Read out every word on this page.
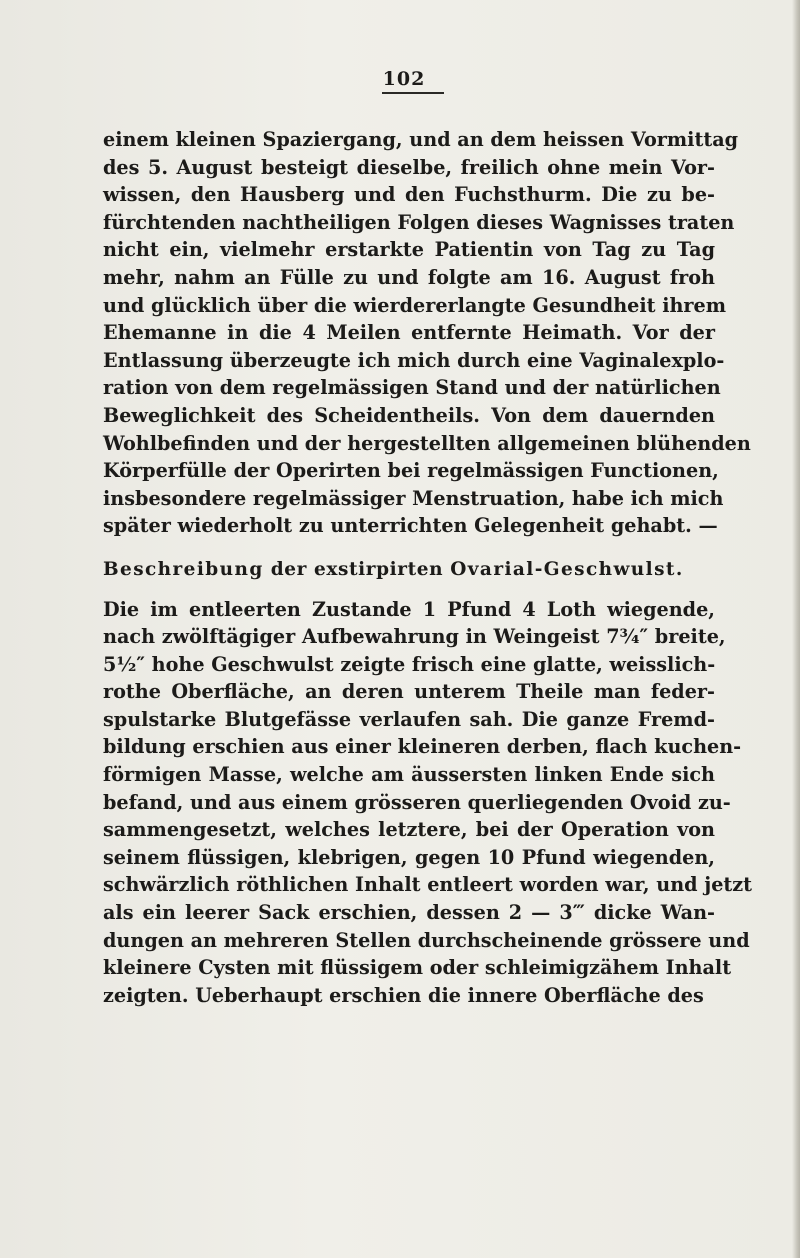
102
einem kleinen Spaziergang, und an dem heissen Vormittag
des 5. August besteigt dieselbe, freilich ohne mein Vor-
wissen, den Hausberg und den Fuchsthurm. Die zu be-
fürchtenden nachtheiligen Folgen dieses Wagnisses traten
nicht ein, vielmehr erstarkte Patientin von Tag zu Tag
mehr, nahm an Fülle zu und folgte am 16. August froh
und glücklich über die wierdererlangte Gesundheit ihrem
Ehemanne in die 4 Meilen entfernte Heimath. Vor der
Entlassung überzeugte ich mich durch eine Vaginalexplo-
ration von dem regelmässigen Stand und der natürlichen
Beweglichkeit des Scheidentheils. Von dem dauernden
Wohlbefinden und der hergestellten allgemeinen blühenden
Körperfülle der Operirten bei regelmässigen Functionen,
insbesondere regelmässiger Menstruation, habe ich mich
später wiederholt zu unterrichten Gelegenheit gehabt. —
Beschreibung der exstirpirten Ovarial-Geschwulst.
Die im entleerten Zustande 1 Pfund 4 Loth wiegende,
nach zwölftägiger Aufbewahrung in Weingeist 7¾″ breite,
5½″ hohe Geschwulst zeigte frisch eine glatte, weisslich-
rothe Oberfläche, an deren unterem Theile man feder-
spulstarke Blutgefässe verlaufen sah. Die ganze Fremd-
bildung erschien aus einer kleineren derben, flach kuchen-
förmigen Masse, welche am äussersten linken Ende sich
befand, und aus einem grösseren querliegenden Ovoid zu-
sammengesetzt, welches letztere, bei der Operation von
seinem flüssigen, klebrigen, gegen 10 Pfund wiegenden,
schwärzlich röthlichen Inhalt entleert worden war, und jetzt
als ein leerer Sack erschien, dessen 2 — 3‴ dicke Wan-
dungen an mehreren Stellen durchscheinende grössere und
kleinere Cysten mit flüssigem oder schleimigzähem Inhalt
zeigten. Ueberhaupt erschien die innere Oberfläche des
